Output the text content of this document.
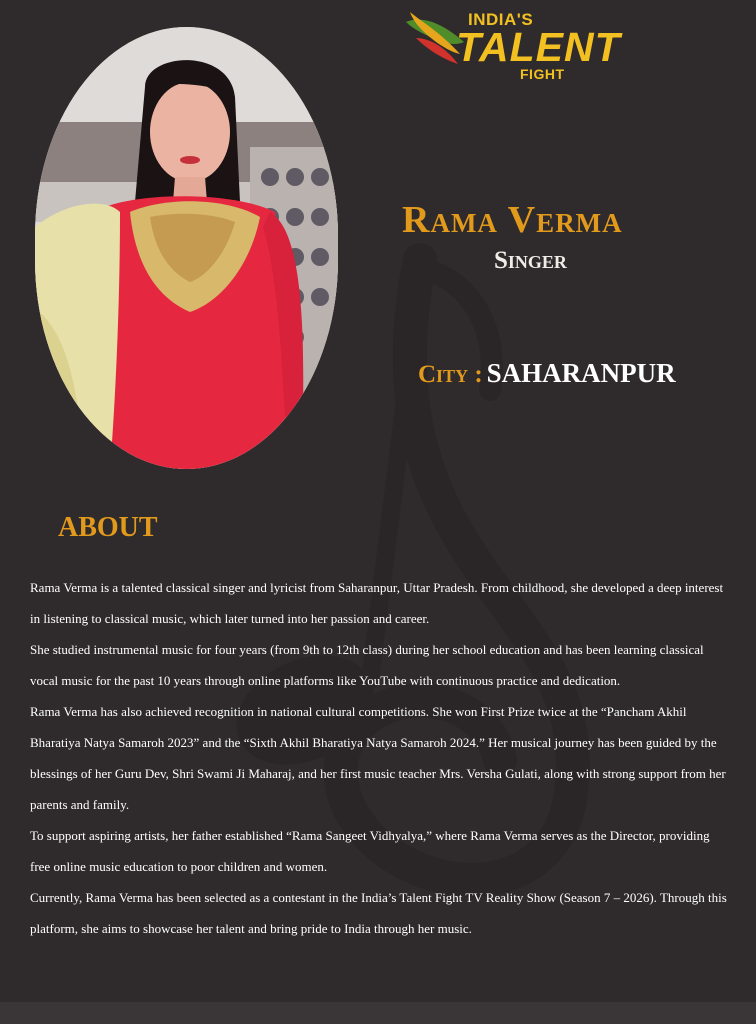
INDIA'S
TALENT
FIGHT
Rama Verma
Singer
City : SAHARANPUR
ABOUT

Rama Verma is a talented classical singer and lyricist from Saharanpur, Uttar Pradesh. From childhood, she developed a deep interest in listening to classical music, which later turned into her passion and career.

She studied instrumental music for four years (from 9th to 12th class) during her school education and has been learning classical vocal music for the past 10 years through online platforms like YouTube with continuous practice and dedication.

Rama Verma has also achieved recognition in national cultural competitions. She won First Prize twice at the “Pancham Akhil Bharatiya Natya Samaroh 2023” and the “Sixth Akhil Bharatiya Natya Samaroh 2024.” Her musical journey has been guided by the blessings of her Guru Dev, Shri Swami Ji Maharaj, and her first music teacher Mrs. Versha Gulati, along with strong support from her parents and family.

To support aspiring artists, her father established “Rama Sangeet Vidhyalya,” where Rama Verma serves as the Director, providing free online music education to poor children and women.

Currently, Rama Verma has been selected as a contestant in the India’s Talent Fight TV Reality Show (Season 7 – 2026). Through this platform, she aims to showcase her talent and bring pride to India through her music.
